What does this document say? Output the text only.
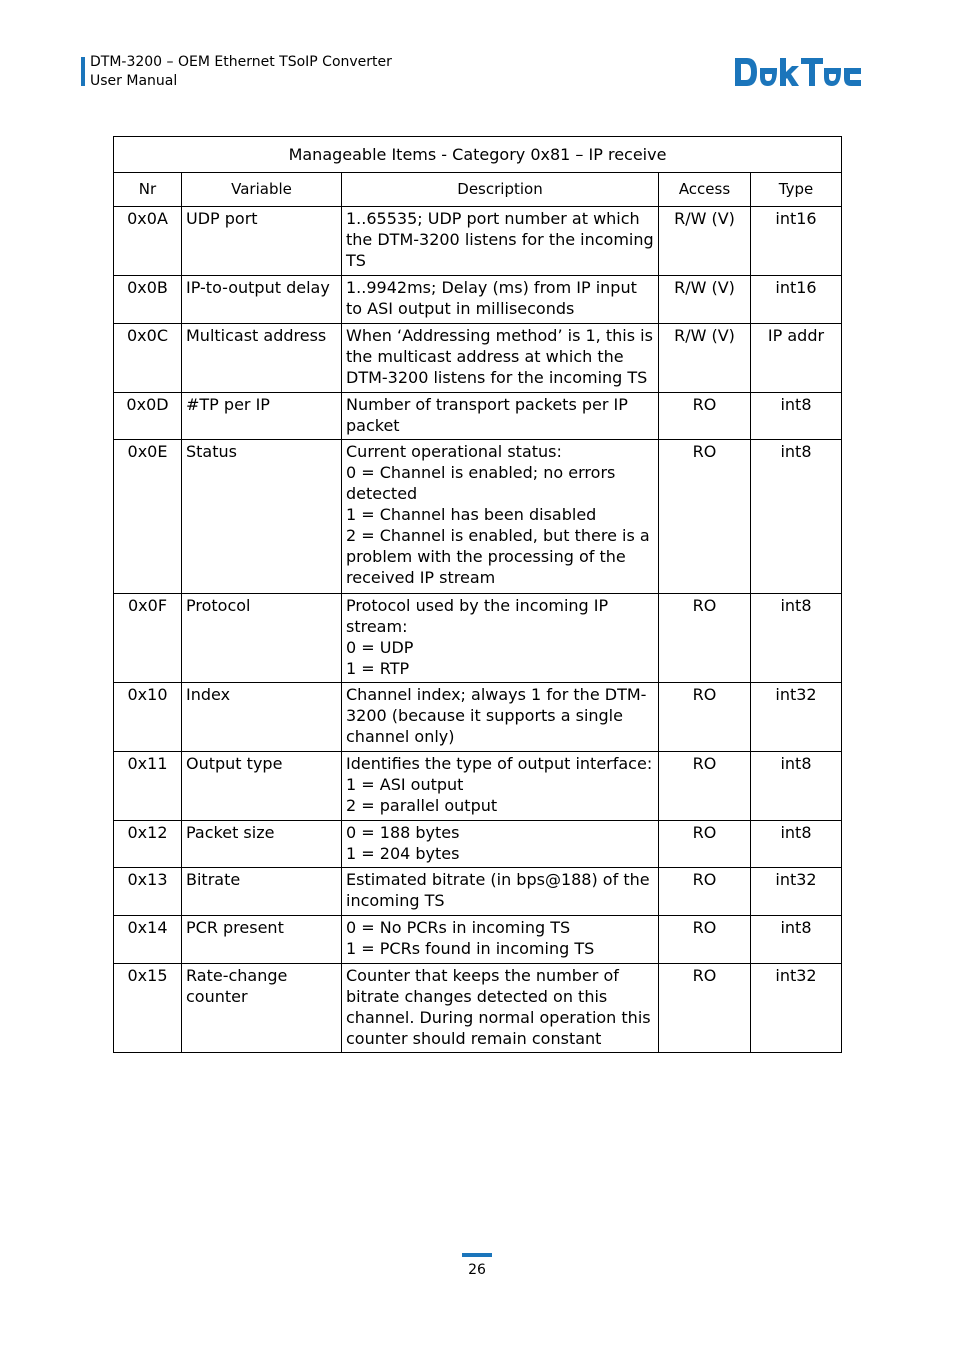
DTM-3200 – OEM Ethernet TSoIP Converter
User Manual
Manageable Items - Category 0x81 – IP receive				
Nr	Variable	Description	Access	Type
0x0A	UDP port	1..65535; UDP port number at which the DTM-3200 listens for the incoming TS	R/W (V)	int16
0x0B	IP-to-output delay	1..9942ms; Delay (ms) from IP input to ASI output in milliseconds	R/W (V)	int16
0x0C	Multicast address	When ‘Addressing method’ is 1, this is the multicast address at which the DTM-3200 listens for the incoming TS	R/W (V)	IP addr
0x0D	#TP per IP	Number of transport packets per IP packet	RO	int8
0x0E	Status	Current operational status:
0 = Channel is enabled; no errors detected
1 = Channel has been disabled
2 = Channel is enabled, but there is a problem with the processing of the received IP stream	RO	int8
0x0F	Protocol	Protocol used by the incoming IP stream:
0 = UDP
1 = RTP	RO	int8
0x10	Index	Channel index; always 1 for the DTM-3200 (because it supports a single channel only)	RO	int32
0x11	Output type	Identifies the type of output interface:
1 = ASI output
2 = parallel output	RO	int8
0x12	Packet size	0 = 188 bytes
1 = 204 bytes	RO	int8
0x13	Bitrate	Estimated bitrate (in bps@188) of the incoming TS	RO	int32
0x14	PCR present	0 = No PCRs in incoming TS
1 = PCRs found in incoming TS	RO	int8
0x15	Rate-change counter	Counter that keeps the number of bitrate changes detected on this channel. During normal operation this counter should remain constant	RO	int32
26
